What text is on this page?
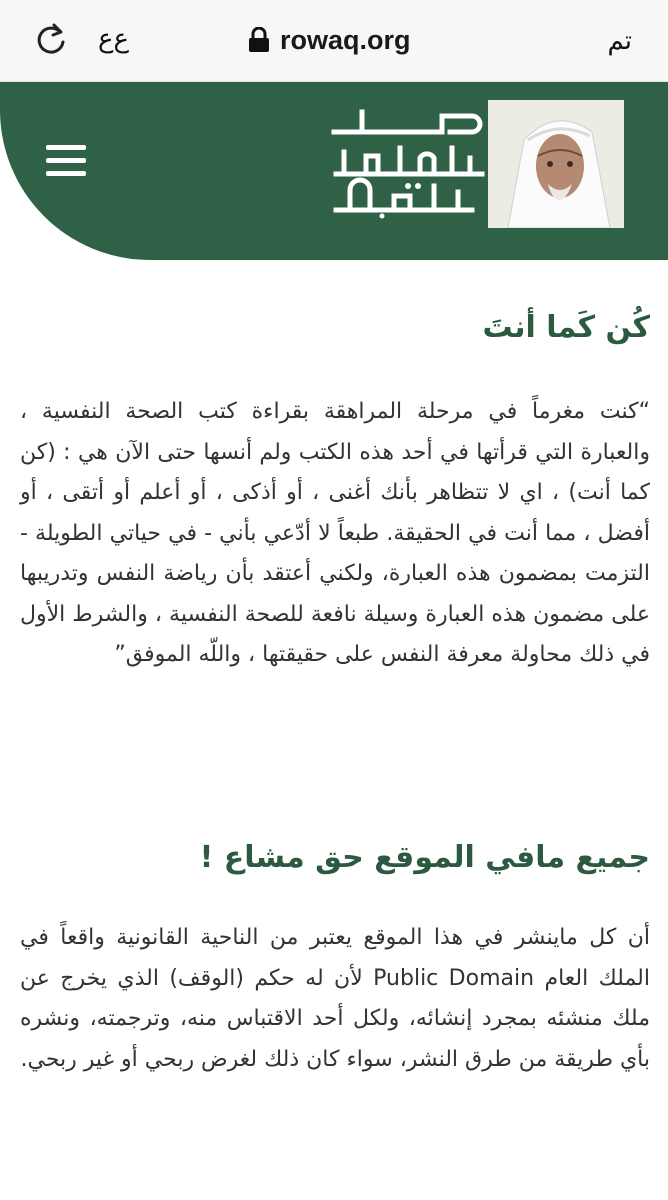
ﻉﻉ	rowaq.org	تم
كُن كَما أنتَ

“كنت مغرماً في مرحلة المراهقة بقراءة كتب الصحة النفسية ، والعبارة التي قرأتها في أحد هذه الكتب ولم أنسها حتى الآن هي : (كن كما أنت) ، اي لا تتظاهر بأنك أغنى ، أو أذكى ، أو أعلم أو أتقى ، أو أفضل ، مما أنت في الحقيقة. طبعاً لا أدّعي بأني - في حياتي الطويلة - التزمت بمضمون هذه العبارة، ولكني أعتقد بأن رياضة النفس وتدريبها على مضمون هذه العبارة وسيلة نافعة للصحة النفسية ، والشرط الأول في ذلك محاولة معرفة النفس على حقيقتها ، واللّه الموفق”

جميع مافي الموقع حق مشاع !

أن كل ماينشر في هذا الموقع يعتبر من الناحية القانونية واقعاً في الملك العام Public Domain لأن له حكم (الوقف) الذي يخرج عن ملك منشئه بمجرد إنشائه، ولكل أحد الاقتباس منه، وترجمته، ونشره بأي طريقة من طرق النشر، سواء كان ذلك لغرض ربحي أو غير ربحي.
